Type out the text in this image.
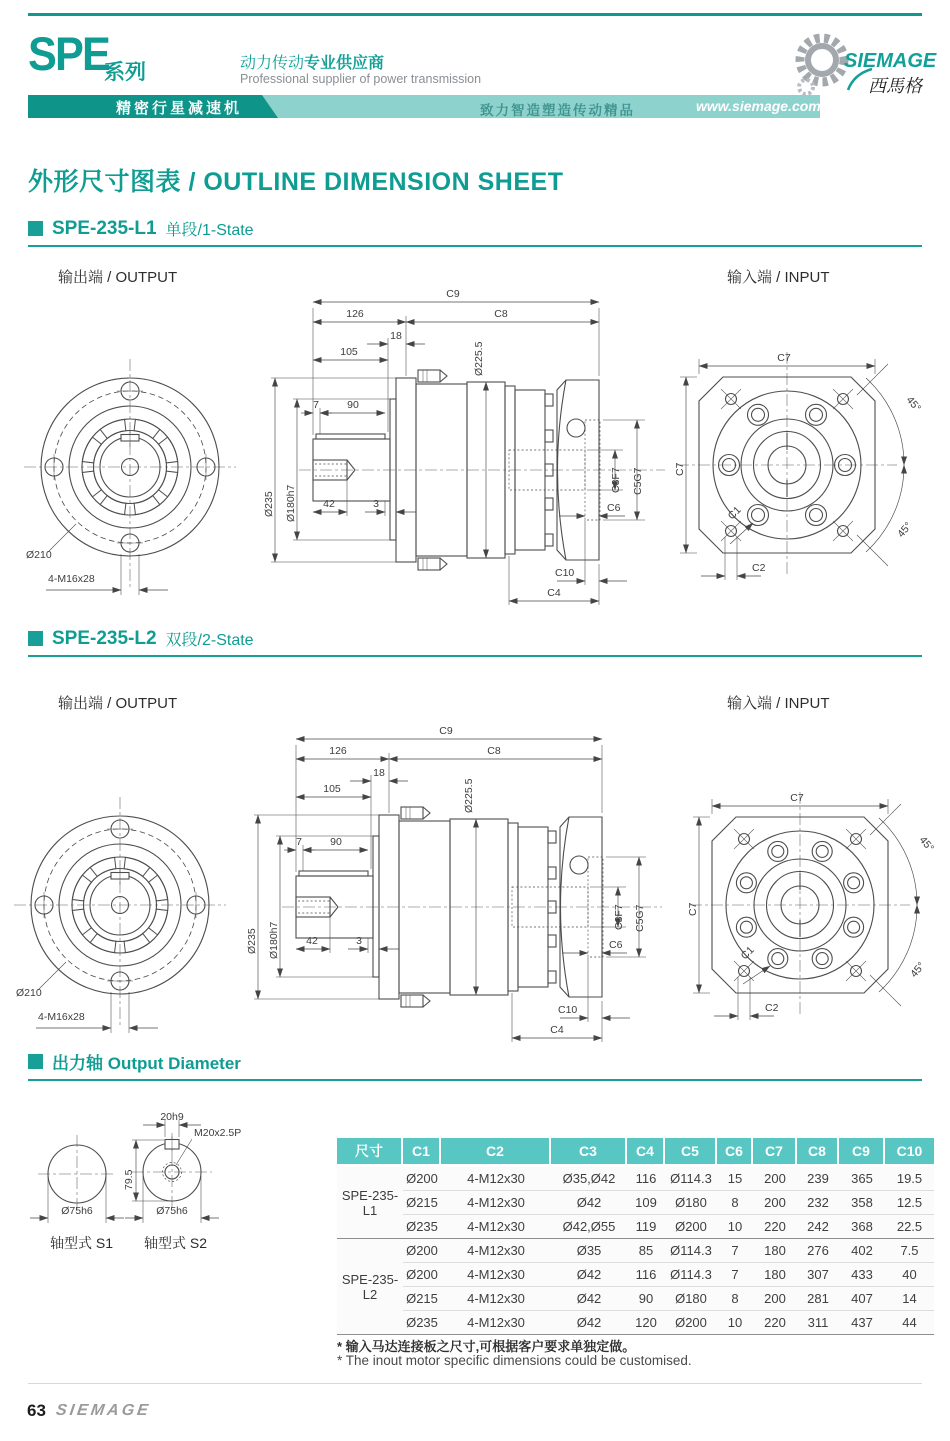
SPE
系列	动力传动专业供应商
Professional supplier of power transmission
精密行星减速机	致力智造塑造传动精品	www.siemage.com
SIEMAGE
西馬格
外形尺寸图表 / OUTLINE DIMENSION SHEET
SPE-235-L1 单段/1-State
输出端 / OUTPUT	输入端 / INPUT
Ø210
4-M16x28
C9
126	C8
18
105	Ø225.5
Ø235 Ø180h7
7	90
42	3
C3F7 C5G7
C6
C10
C4
C7
C7
45°
45°
C1
C2
SPE-235-L2 双段/2-State
输出端 / OUTPUT	输入端 / INPUT
Ø210
4-M16x28
C9
126	C8
18
105	Ø225.5
Ø235 Ø180h7
7	90
42	3
C3F7 C5G7
C6
C10
C4
C7
C7
45°
45°
C1
C2
出力轴 Output Diameter
Ø75h6
轴型式 S1
M20x2.5P
20h9
79.5
Ø75h6
轴型式 S2
尺寸	C1	C2	C3	C4	C5	C6	C7	C8	C9	C10
SPE-235-L1	Ø200	4-M12x30	Ø35,Ø42	116	Ø114.3	15	200	239	365	19.5
	Ø215	4-M12x30	Ø42	109	Ø180	8	200	232	358	12.5
	Ø235	4-M12x30	Ø42,Ø55	119	Ø200	10	220	242	368	22.5
SPE-235-L2	Ø200	4-M12x30	Ø35	85	Ø114.3	7	180	276	402	7.5
	Ø200	4-M12x30	Ø42	116	Ø114.3	7	180	307	433	40
	Ø215	4-M12x30	Ø42	90	Ø180	8	200	281	407	14
	Ø235	4-M12x30	Ø42	120	Ø200	10	220	311	437	44
* 输入马达连接板之尺寸,可根据客户要求单独定做。
* The inout motor specific dimensions could be customised.
63 SIEMAGE
